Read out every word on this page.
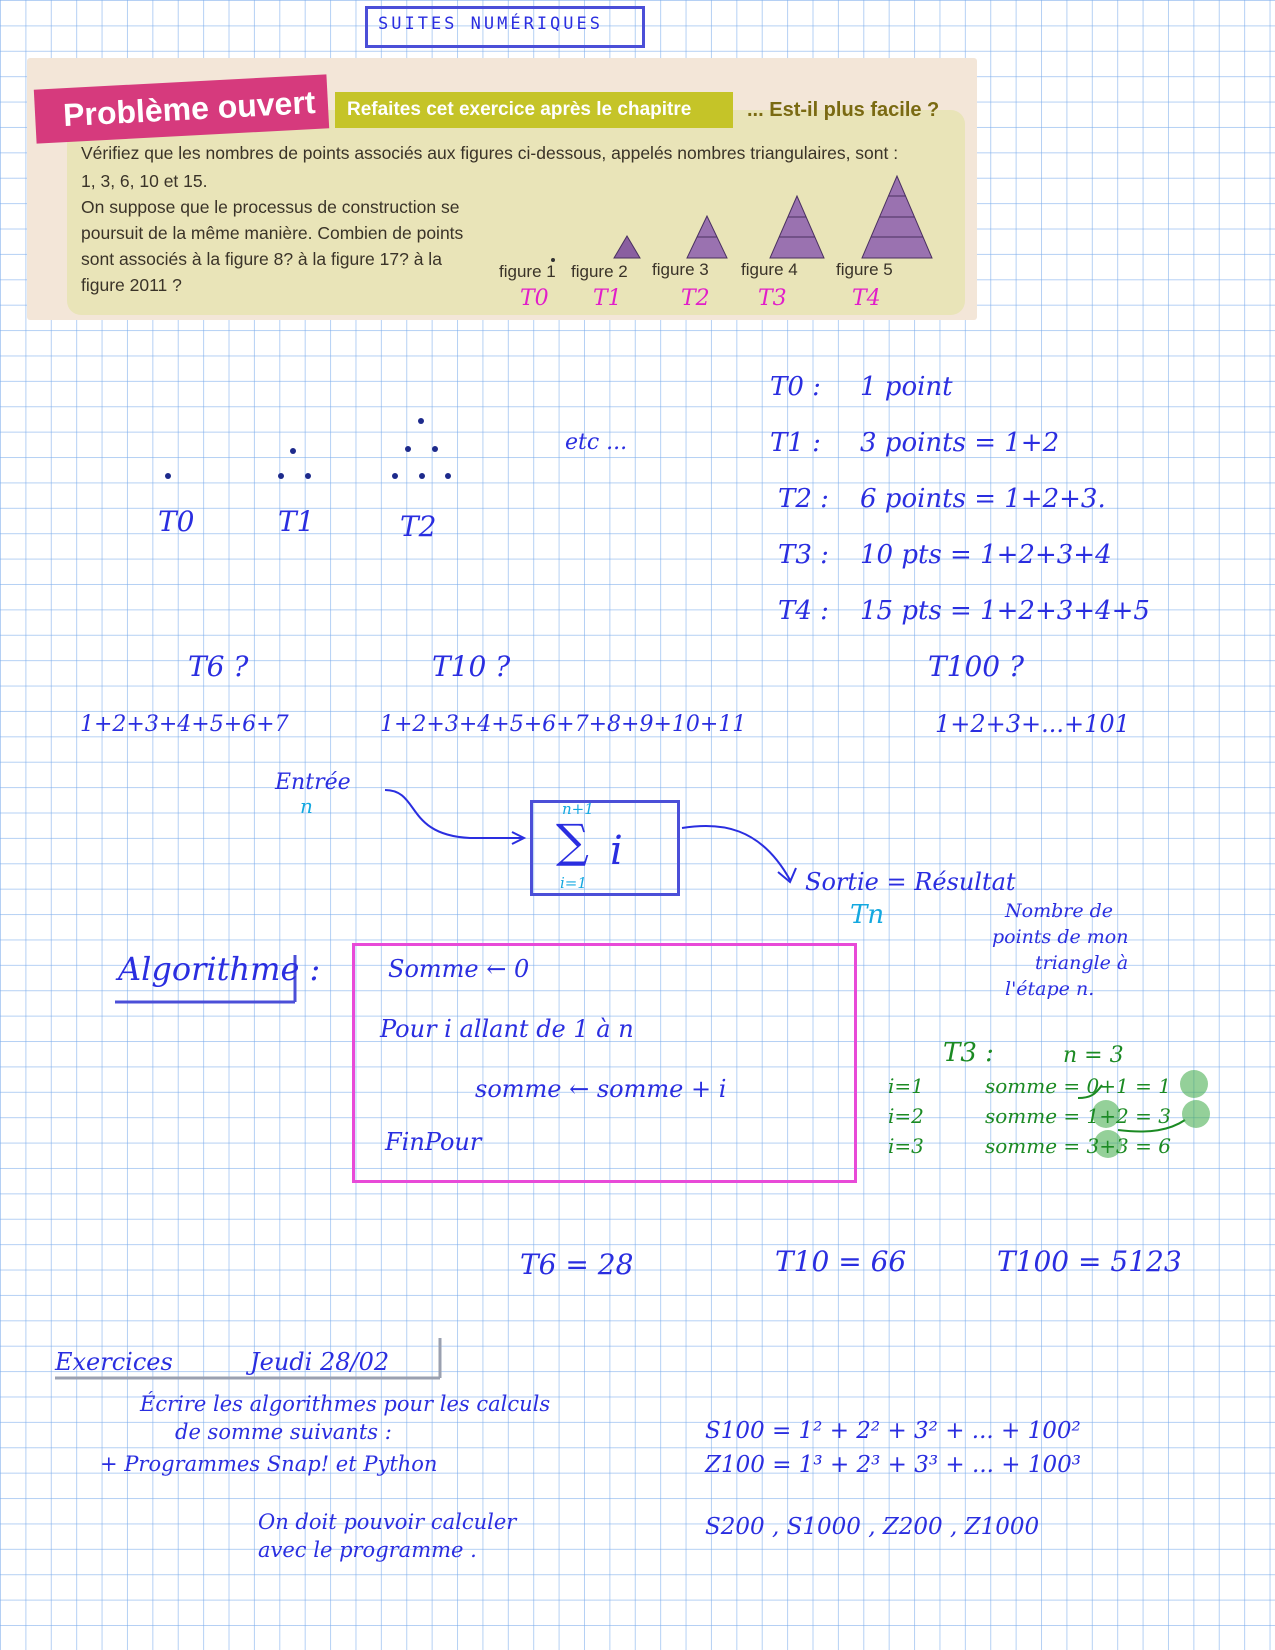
SUITES NUMÉRIQUES
Problème ouvert	Refaites cet exercice après le chapitre	... Est-il plus facile ?
Vérifiez que les nombres de points associés aux figures ci-dessous, appelés nombres triangulaires, sont :
1, 3, 6, 10 et 15.
On suppose que le processus de construction se
poursuit de la même manière. Combien de points
sont associés à la figure 8? à la figure 17? à la
figure 2011 ?
figure 1 figure 2 figure 3 figure 4 figure 5
T0 T1	T2 T3	T4
T0	T1	T2
etc ...
T0 : 1 point
T1 : 3 points = 1+2
T2 : 6 points = 1+2+3.
T3 : 10 pts = 1+2+3+4
T4 : 15 pts = 1+2+3+4+5
T6 ?	T10 ?	T100 ?
1+2+3+4+5+6+7	1+2+3+4+5+6+7+8+9+10+11	1+2+3+...+101
Entrée
n	n+1
∑
i=1
i
Sortie = Résultat
Tn	Nombre de
points de mon
triangle à
l'étape n.
Algorithme :	Somme ← 0
Pour i allant de 1 à n
somme ← somme + i
FinPour
T3 :	n = 3
i=1	somme = 0+1 = 1
i=2	somme = 1+2 = 3
i=3	somme = 3+3 = 6
T6 = 28	T10 = 66	T100 = 5123
Exercices	Jeudi 28/02
Écrire les algorithmes pour les calculs
de somme suivants :
+ Programmes Snap! et Python
On doit pouvoir calculer
avec le programme .
S100 = 1² + 2² + 3² + ... + 100²
Z100 = 1³ + 2³ + 3³ + ... + 100³
S200 , S1000 , Z200 , Z1000
